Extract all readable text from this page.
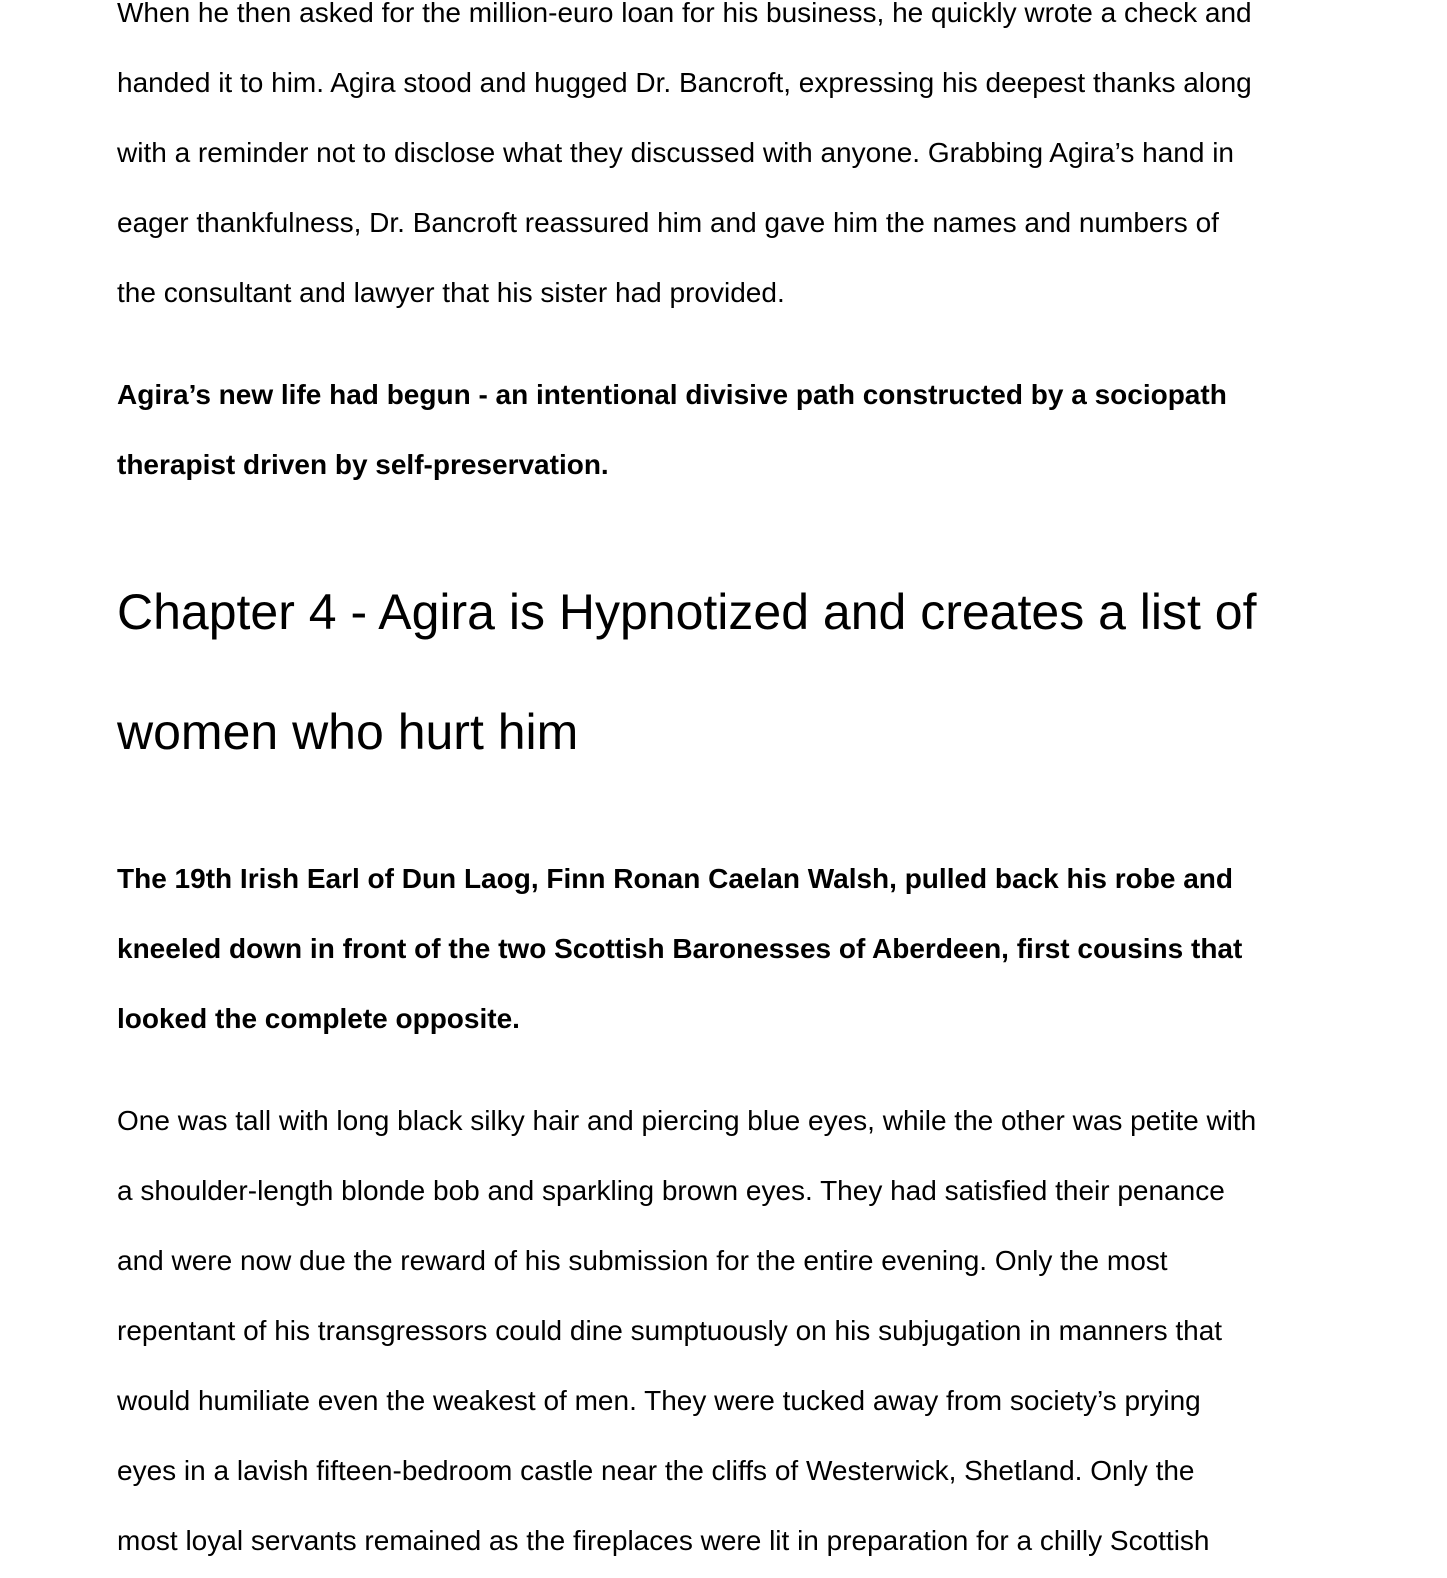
When he then asked for the million-euro loan for his business, he quickly wrote a check and
handed it to him. Agira stood and hugged Dr. Bancroft, expressing his deepest thanks along
with a reminder not to disclose what they discussed with anyone. Grabbing Agira’s hand in
eager thankfulness, Dr. Bancroft reassured him and gave him the names and numbers of
the consultant and lawyer that his sister had provided.

Agira’s new life had begun - an intentional divisive path constructed by a sociopath
therapist driven by self-preservation.

Chapter 4 - Agira is Hypnotized and creates a list of
women who hurt him

The 19th Irish Earl of Dun Laog, Finn Ronan Caelan Walsh, pulled back his robe and
kneeled down in front of the two Scottish Baronesses of Aberdeen, first cousins that
looked the complete opposite.

One was tall with long black silky hair and piercing blue eyes, while the other was petite with
a shoulder-length blonde bob and sparkling brown eyes. They had satisfied their penance
and were now due the reward of his submission for the entire evening. Only the most
repentant of his transgressors could dine sumptuously on his subjugation in manners that
would humiliate even the weakest of men. They were tucked away from society’s prying
eyes in a lavish fifteen-bedroom castle near the cliffs of Westerwick, Shetland. Only the
most loyal servants remained as the fireplaces were lit in preparation for a chilly Scottish
